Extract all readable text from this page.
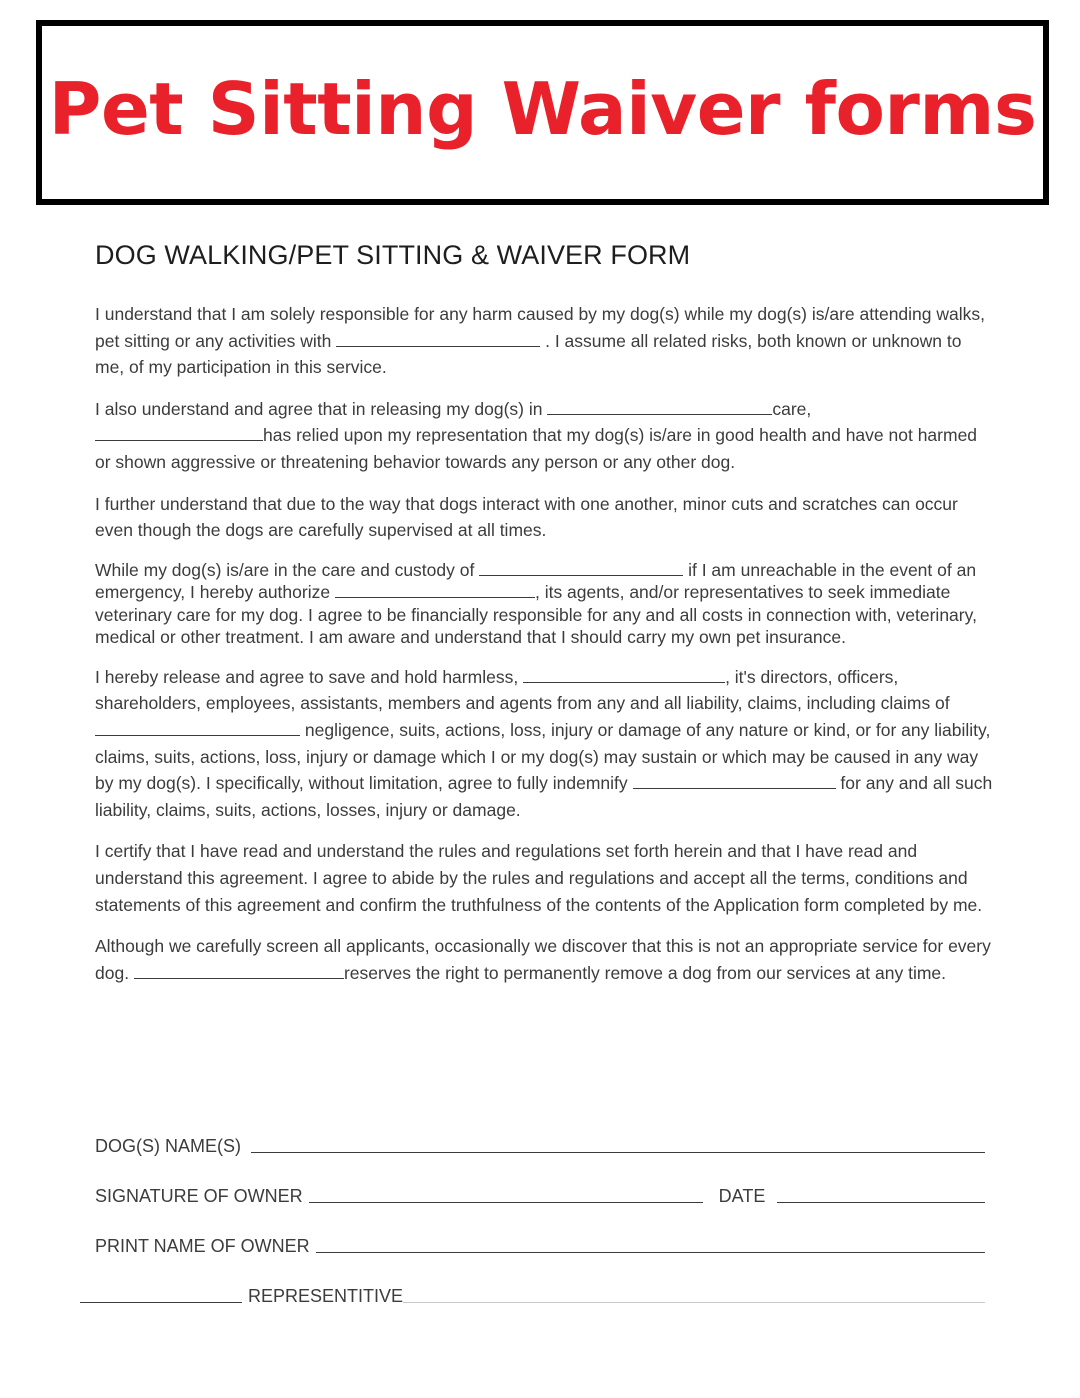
Pet Sitting Waiver forms
DOG WALKING/PET SITTING & WAIVER FORM

I understand that I am solely responsible for any harm caused by my dog(s) while my dog(s) is/are attending walks, pet sitting or any activities with	. I assume all related risks, both known or unknown to me, of my participation in this service.

I also understand and agree that in releasing my dog(s) in	care,
has relied upon my representation that my dog(s) is/are in good health and have not harmed or shown aggressive or threatening behavior towards any person or any other dog.

I further understand that due to the way that dogs interact with one another, minor cuts and scratches can occur even though the dogs are carefully supervised at all times.

While my dog(s) is/are in the care and custody of	if I am unreachable in the event of an emergency, I hereby authorize	, its agents, and/or representatives to seek immediate veterinary care for my dog. I agree to be financially responsible for any and all costs in connection with, veterinary, medical or other treatment. I am aware and understand that I should carry my own pet insurance.

I hereby release and agree to save and hold harmless,	, it's directors, officers, shareholders, employees, assistants, members and agents from any and all liability, claims, including claims of  negligence, suits, actions, loss, injury or damage of any nature or kind, or for any liability, claims, suits, actions, loss, injury or damage which I or my dog(s) may sustain or which may be caused in any way by my dog(s). I specifically, without limitation, agree to fully indemnify	for any and all such liability, claims, suits, actions, losses, injury or damage.

I certify that I have read and understand the rules and regulations set forth herein and that I have read and understand this agreement. I agree to abide by the rules and regulations and accept all the terms, conditions and statements of this agreement and confirm the truthfulness of the contents of the Application form completed by me.

Although we carefully screen all applicants, occasionally we discover that this is not an appropriate service for every dog.	reserves the right to permanently remove a dog from our services at any time.

DOG(S) NAME(S)
SIGNATURE OF OWNER	DATE
PRINT NAME OF OWNER
REPRESENTITIVE
